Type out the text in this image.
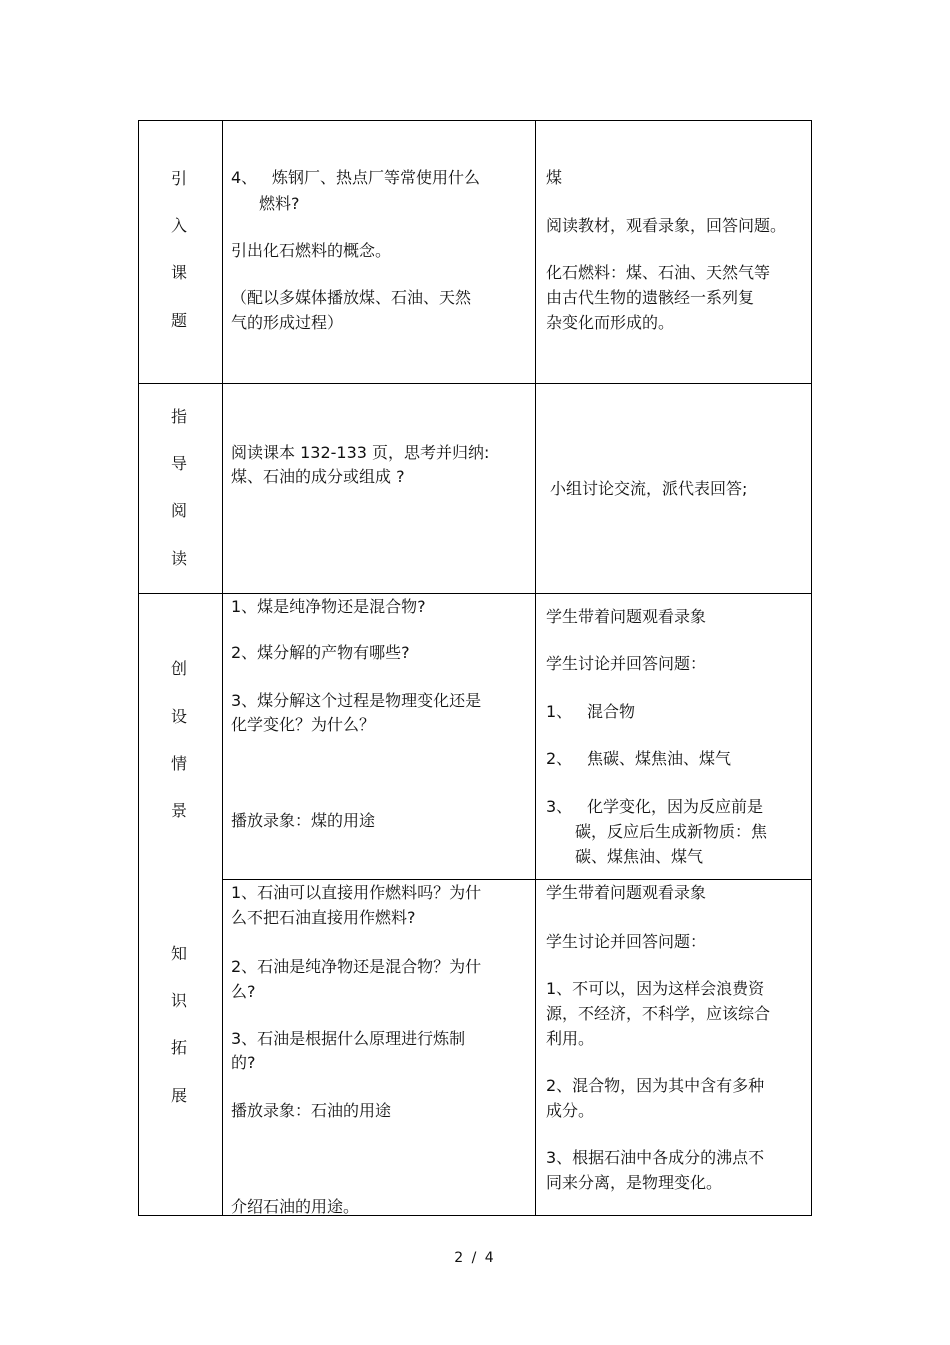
引
入
课
题
4、 炼钢厂、热点厂等常使用什么
燃料?
引出化石燃料的概念。
（配以多媒体播放煤、石油、天然
气的形成过程）
煤
阅读教材，观看录象，回答问题。
化石燃料：煤、石油、天然气等
由古代生物的遗骸经一系列复
杂变化而形成的。
指
导
阅
读
阅读课本 132-133 页，思考并归纳:
煤、石油的成分或组成 ?
小组讨论交流，派代表回答;
创
设
情
景
1、煤是纯净物还是混合物?
2、煤分解的产物有哪些?
3、煤分解这个过程是物理变化还是
化学变化？为什么？
播放录象：煤的用途
学生带着问题观看录象
学生讨论并回答问题：
1、 混合物
2、 焦碳、煤焦油、煤气
3、 化学变化，因为反应前是
碳，反应后生成新物质：焦
碳、煤焦油、煤气
知
识
拓
展
1、石油可以直接用作燃料吗？为什
么不把石油直接用作燃料?
2、石油是纯净物还是混合物？为什
么?
3、石油是根据什么原理进行炼制
的?
播放录象：石油的用途
介绍石油的用途。
学生带着问题观看录象
学生讨论并回答问题：
1、不可以，因为这样会浪费资
源，不经济，不科学，应该综合
利用。
2、混合物，因为其中含有多种
成分。
3、根据石油中各成分的沸点不
同来分离，是物理变化。
2 / 4
